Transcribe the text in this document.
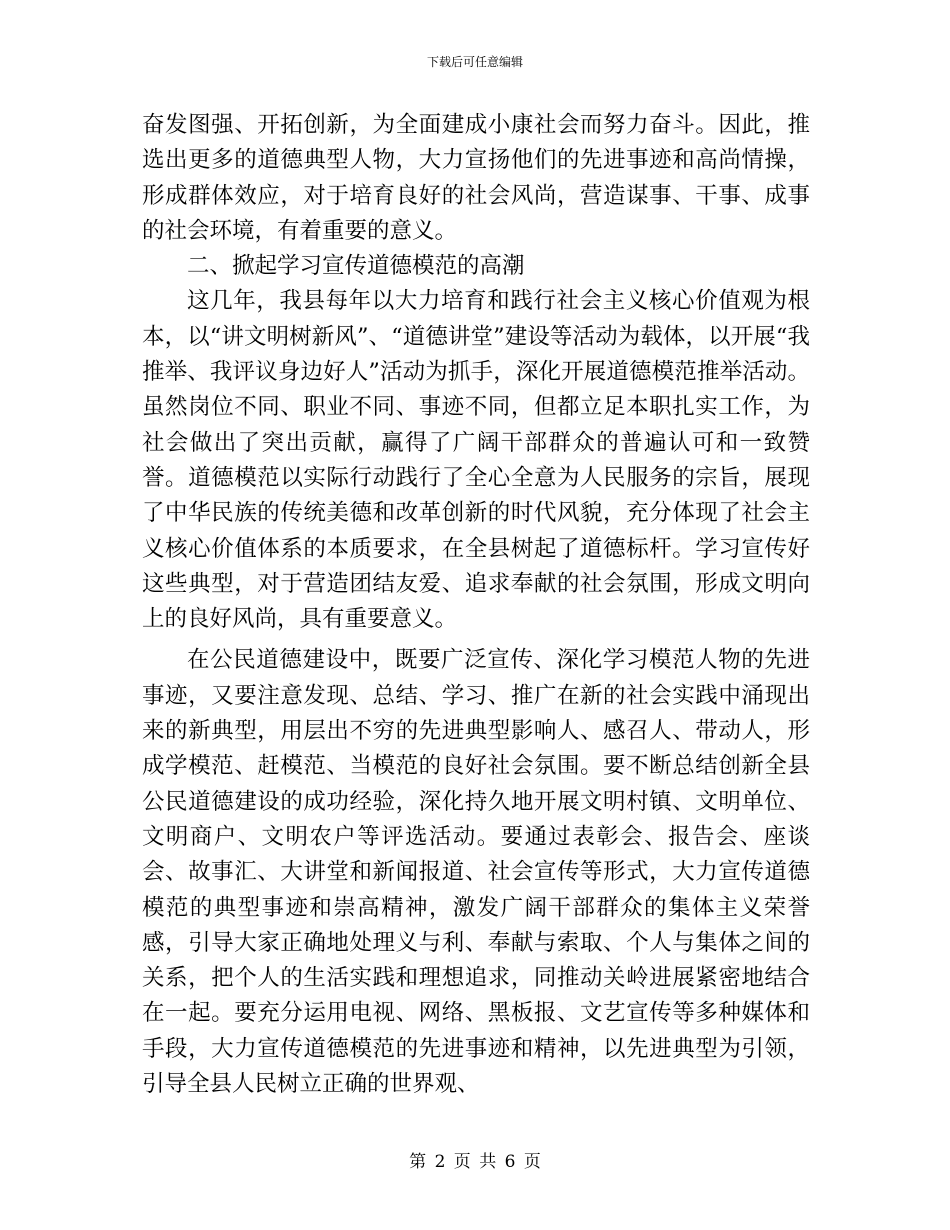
下载后可任意编辑

奋发图强、开拓创新，为全面建成小康社会而努力奋斗。因此，推选出更多的道德典型人物，大力宣扬他们的先进事迹和高尚情操，形成群体效应，对于培育良好的社会风尚，营造谋事、干事、成事的社会环境，有着重要的意义。

二、掀起学习宣传道德模范的高潮

这几年，我县每年以大力培育和践行社会主义核心价值观为根本，以“讲文明树新风”、“道德讲堂”建设等活动为载体，以开展“我推举、我评议身边好人”活动为抓手，深化开展道德模范推举活动。虽然岗位不同、职业不同、事迹不同，但都立足本职扎实工作，为社会做出了突出贡献，赢得了广阔干部群众的普遍认可和一致赞誉。道德模范以实际行动践行了全心全意为人民服务的宗旨，展现了中华民族的传统美德和改革创新的时代风貌，充分体现了社会主义核心价值体系的本质要求，在全县树起了道德标杆。学习宣传好这些典型，对于营造团结友爱、追求奉献的社会氛围，形成文明向上的良好风尚，具有重要意义。

在公民道德建设中，既要广泛宣传、深化学习模范人物的先进事迹，又要注意发现、总结、学习、推广在新的社会实践中涌现出来的新典型，用层出不穷的先进典型影响人、感召人、带动人，形成学模范、赶模范、当模范的良好社会氛围。要不断总结创新全县公民道德建设的成功经验，深化持久地开展文明村镇、文明单位、文明商户、文明农户等评选活动。要通过表彰会、报告会、座谈会、故事汇、大讲堂和新闻报道、社会宣传等形式，大力宣传道德模范的典型事迹和崇高精神，激发广阔干部群众的集体主义荣誉感，引导大家正确地处理义与利、奉献与索取、个人与集体之间的关系，把个人的生活实践和理想追求，同推动关岭进展紧密地结合在一起。要充分运用电视、网络、黑板报、文艺宣传等多种媒体和手段，大力宣传道德模范的先进事迹和精神，以先进典型为引领，引导全县人民树立正确的世界观、

第 2 页 共 6 页
